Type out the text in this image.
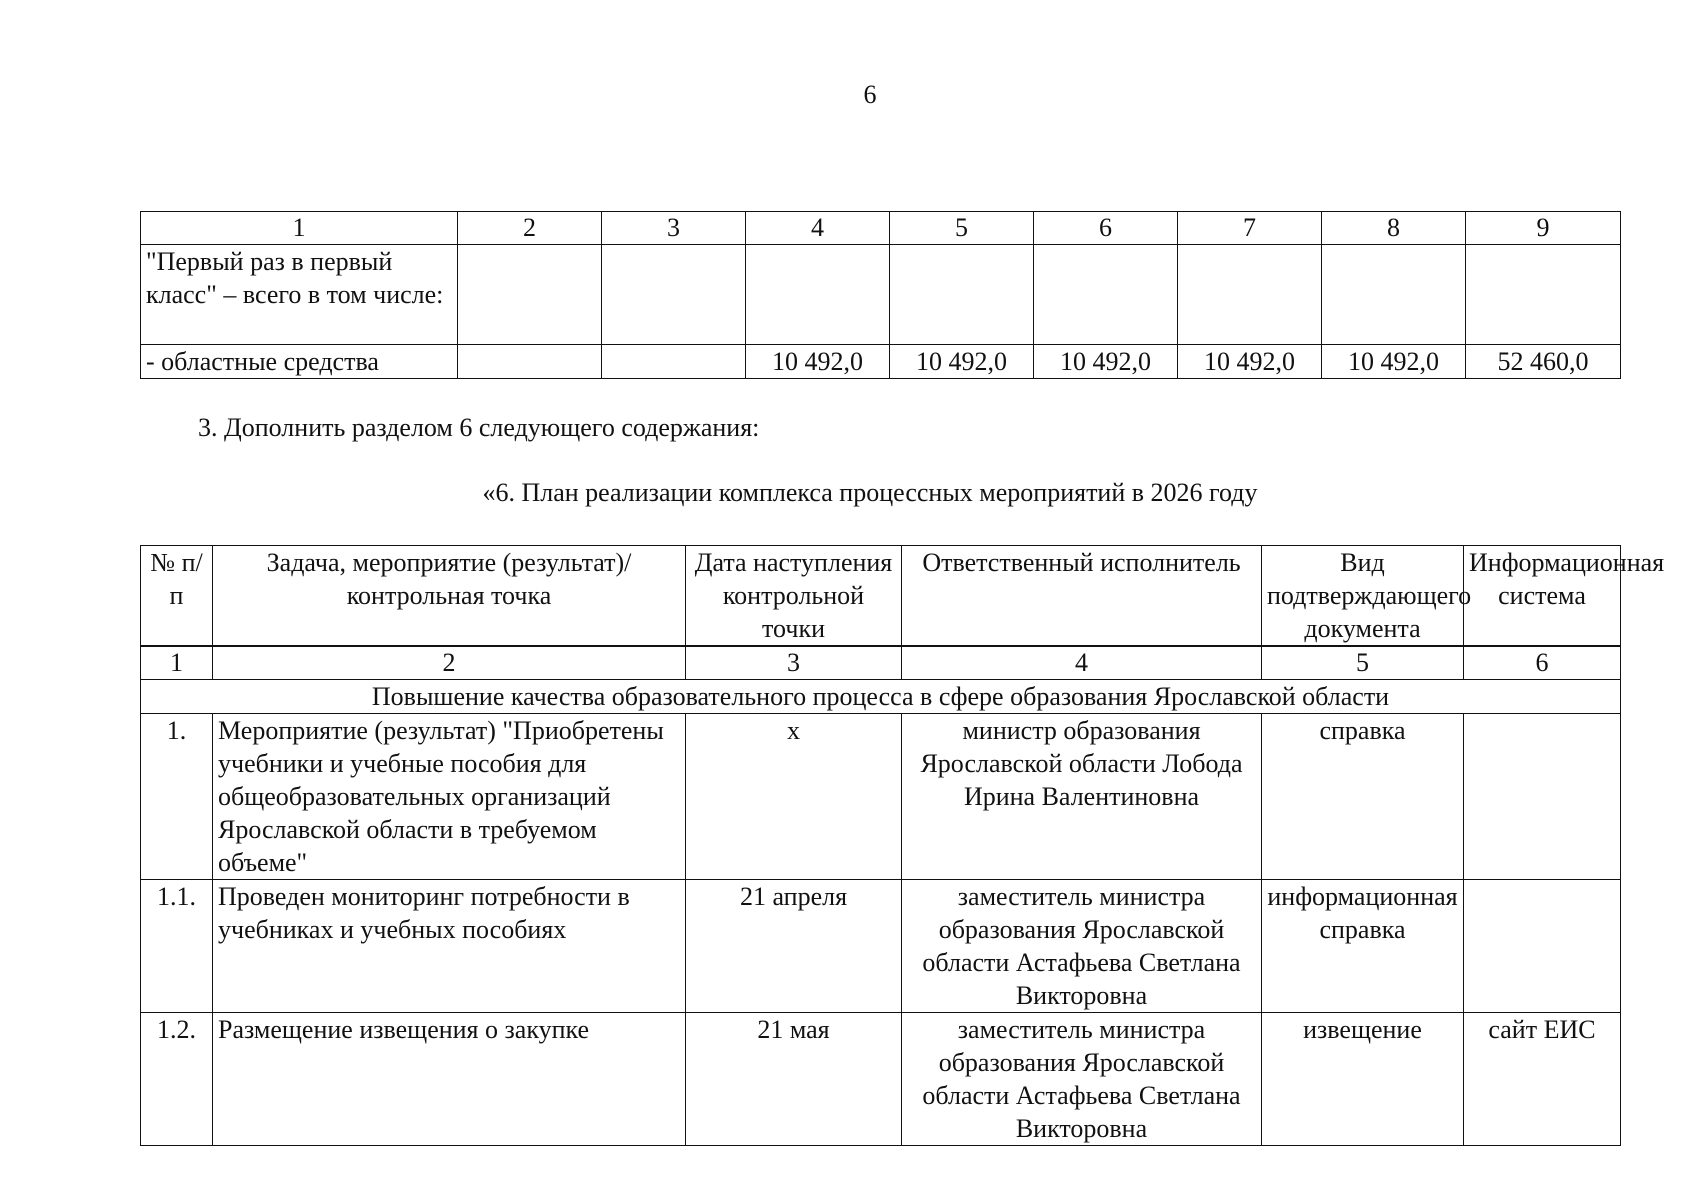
6
1	2	3	4	5	6	7	8	9
"Первый раз в первый класс" – всего в том числе:								
- областные средства			10 492,0	10 492,0	10 492,0	10 492,0	10 492,0	52 460,0
3. Дополнить разделом 6 следующего содержания:
«6. План реализации комплекса процессных мероприятий в 2026 году
№ п/п	Задача, мероприятие (результат)/ контрольная точка	Дата наступления контрольной точки	Ответственный исполнитель	Вид подтверждающего документа	Информационная система

1	2	3	4	5	6
Повышение качества образовательного процесса в сфере образования Ярославской области					
1.	Мероприятие (результат) "Приобретены учебники и учебные пособия для общеобразовательных организаций Ярославской области в требуемом объеме"	х	министр образования Ярославской области Лобода Ирина Валентиновна	справка	
1.1.	Проведен мониторинг потребности в учебниках и учебных пособиях	21 апреля	заместитель министра образования Ярославской области Астафьева Светлана Викторовна	информационная справка	
1.2.	Размещение извещения о закупке	21 мая	заместитель министра образования Ярославской области Астафьева Светлана Викторовна	извещение	сайт ЕИС
